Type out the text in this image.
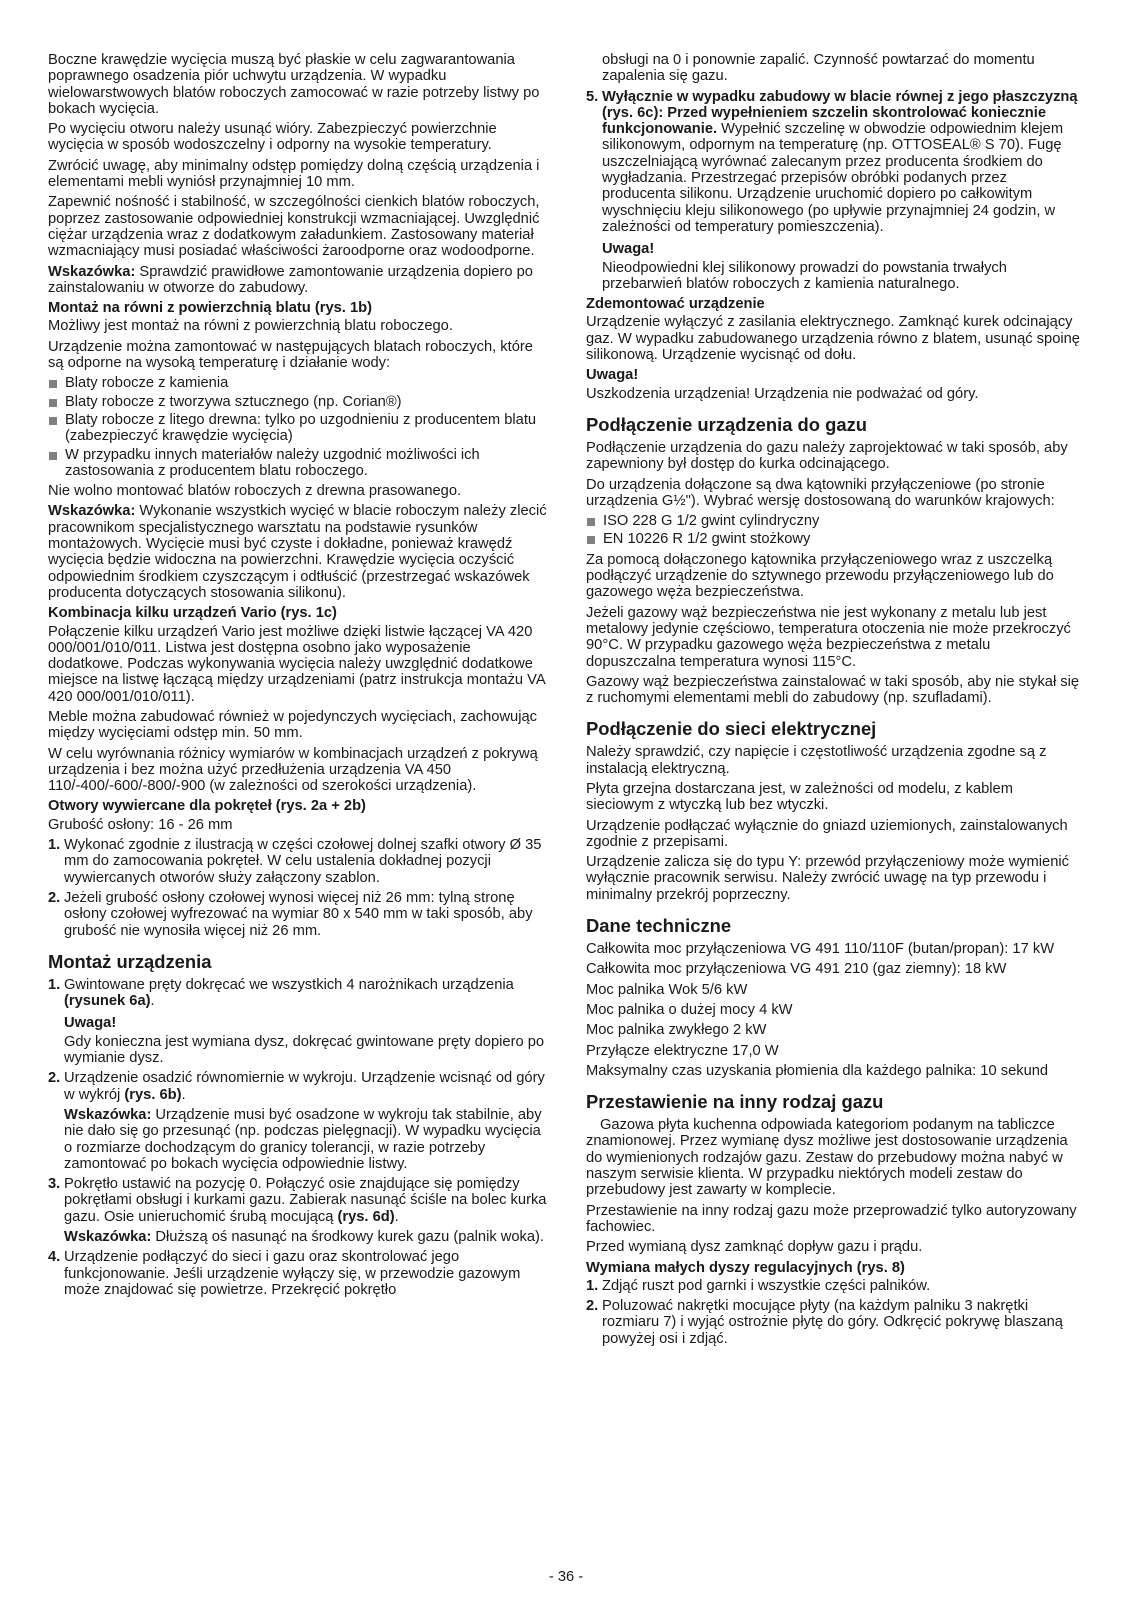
Boczne krawędzie wycięcia muszą być płaskie w celu zagwarantowania poprawnego osadzenia piór uchwytu urządzenia. W wypadku wielowarstwowych blatów roboczych zamocować w razie potrzeby listwy po bokach wycięcia.

Po wycięciu otworu należy usunąć wióry. Zabezpieczyć powierzchnie wycięcia w sposób wodoszczelny i odporny na wysokie temperatury.

Zwrócić uwagę, aby minimalny odstęp pomiędzy dolną częścią urządzenia i elementami mebli wyniósł przynajmniej 10 mm.

Zapewnić nośność i stabilność, w szczególności cienkich blatów roboczych, poprzez zastosowanie odpowiedniej konstrukcji wzmacniającej. Uwzględnić ciężar urządzenia wraz z dodatkowym załadunkiem. Zastosowany materiał wzmacniający musi posiadać właściwości żaroodporne oraz wodoodporne.

Wskazówka: Sprawdzić prawidłowe zamontowanie urządzenia dopiero po zainstalowaniu w otworze do zabudowy.

Montaż na równi z powierzchnią blatu (rys. 1b)

Możliwy jest montaż na równi z powierzchnią blatu roboczego.

Urządzenie można zamontować w następujących blatach roboczych, które są odporne na wysoką temperaturę i działanie wody:

Blaty robocze z kamienia
Blaty robocze z tworzywa sztucznego (np. Corian®)
Blaty robocze z litego drewna: tylko po uzgodnieniu z producentem blatu (zabezpieczyć krawędzie wycięcia)
W przypadku innych materiałów należy uzgodnić możliwości ich zastosowania z producentem blatu roboczego.

Nie wolno montować blatów roboczych z drewna prasowanego.

Wskazówka: Wykonanie wszystkich wycięć w blacie roboczym należy zlecić pracownikom specjalistycznego warsztatu na podstawie rysunków montażowych. Wycięcie musi być czyste i dokładne, ponieważ krawędź wycięcia będzie widoczna na powierzchni. Krawędzie wycięcia oczyścić odpowiednim środkiem czyszczącym i odtłuścić (przestrzegać wskazówek producenta dotyczących stosowania silikonu).

Kombinacja kilku urządzeń Vario (rys. 1c)

Połączenie kilku urządzeń Vario jest możliwe dzięki listwie łączącej VA 420 000/001/010/011. Listwa jest dostępna osobno jako wyposażenie dodatkowe. Podczas wykonywania wycięcia należy uwzględnić dodatkowe miejsce na listwę łączącą między urządzeniami (patrz instrukcja montażu VA 420 000/001/010/011).

Meble można zabudować również w pojedynczych wycięciach, zachowując między wycięciami odstęp min. 50 mm.

W celu wyrównania różnicy wymiarów w kombinacjach urządzeń z pokrywą urządzenia i bez można użyć przedłużenia urządzenia VA 450 110/-400/-600/-800/-900 (w zależności od szerokości urządzenia).

Otwory wywiercane dla pokręteł (rys. 2a + 2b)

Grubość osłony: 16 - 26 mm

1. Wykonać zgodnie z ilustracją w części czołowej dolnej szafki otwory Ø 35 mm do zamocowania pokręteł. W celu ustalenia dokładnej pozycji wywiercanych otworów służy załączony szablon.

2. Jeżeli grubość osłony czołowej wynosi więcej niż 26 mm: tylną stronę osłony czołowej wyfrezować na wymiar 80 x 540 mm w taki sposób, aby grubość nie wynosiła więcej niż 26 mm.

Montaż urządzenia
1. Gwintowane pręty dokręcać we wszystkich 4 narożnikach urządzenia (rysunek 6a).

Uwaga!

Gdy konieczna jest wymiana dysz, dokręcać gwintowane pręty dopiero po wymianie dysz.

2. Urządzenie osadzić równomiernie w wykroju. Urządzenie wcisnąć od góry w wykrój (rys. 6b).

Wskazówka: Urządzenie musi być osadzone w wykroju tak stabilnie, aby nie dało się go przesunąć (np. podczas pielęgnacji). W wypadku wycięcia o rozmiarze dochodzącym do granicy tolerancji, w razie potrzeby zamontować po bokach wycięcia odpowiednie listwy.

3. Pokrętło ustawić na pozycję 0. Połączyć osie znajdujące się pomiędzy pokrętłami obsługi i kurkami gazu. Zabierak nasunąć ściśle na bolec kurka gazu. Osie unieruchomić śrubą mocującą (rys. 6d).

Wskazówka: Dłuższą oś nasunąć na środkowy kurek gazu (palnik woka).

4. Urządzenie podłączyć do sieci i gazu oraz skontrolować jego funkcjonowanie. Jeśli urządzenie wyłączy się, w przewodzie gazowym może znajdować się powietrze. Przekręcić pokrętło

obsługi na 0 i ponownie zapalić. Czynność powtarzać do momentu zapalenia się gazu.

5. Wyłącznie w wypadku zabudowy w blacie równej z jego płaszczyzną (rys. 6c): Przed wypełnieniem szczelin skontrolować koniecznie funkcjonowanie. Wypełnić szczelinę w obwodzie odpowiednim klejem silikonowym, odpornym na temperaturę (np. OTTOSEAL® S 70). Fugę uszczelniającą wyrównać zalecanym przez producenta środkiem do wygładzania. Przestrzegać przepisów obróbki podanych przez producenta silikonu. Urządzenie uruchomić dopiero po całkowitym wyschnięciu kleju silikonowego (po upływie przynajmniej 24 godzin, w zależności od temperatury pomieszczenia).

Uwaga!

Nieodpowiedni klej silikonowy prowadzi do powstania trwałych przebarwień blatów roboczych z kamienia naturalnego.

Zdemontować urządzenie

Urządzenie wyłączyć z zasilania elektrycznego. Zamknąć kurek odcinający gaz. W wypadku zabudowanego urządzenia równo z blatem, usunąć spoinę silikonową. Urządzenie wycisnąć od dołu.

Uwaga!

Uszkodzenia urządzenia! Urządzenia nie podważać od góry.

Podłączenie urządzenia do gazu

Podłączenie urządzenia do gazu należy zaprojektować w taki sposób, aby zapewniony był dostęp do kurka odcinającego.

Do urządzenia dołączone są dwa kątowniki przyłączeniowe (po stronie urządzenia G½"). Wybrać wersję dostosowaną do warunków krajowych:

ISO 228 G 1/2 gwint cylindryczny
EN 10226 R 1/2 gwint stożkowy

Za pomocą dołączonego kątownika przyłączeniowego wraz z uszczelką podłączyć urządzenie do sztywnego przewodu przyłączeniowego lub do gazowego węża bezpieczeństwa.

Jeżeli gazowy wąż bezpieczeństwa nie jest wykonany z metalu lub jest metalowy jedynie częściowo, temperatura otoczenia nie może przekroczyć 90°C. W przypadku gazowego węża bezpieczeństwa z metalu dopuszczalna temperatura wynosi 115°C.

Gazowy wąż bezpieczeństwa zainstalować w taki sposób, aby nie stykał się z ruchomymi elementami mebli do zabudowy (np. szufladami).

Podłączenie do sieci elektrycznej

Należy sprawdzić, czy napięcie i częstotliwość urządzenia zgodne są z instalacją elektryczną.

Płyta grzejna dostarczana jest, w zależności od modelu, z kablem sieciowym z wtyczką lub bez wtyczki.

Urządzenie podłączać wyłącznie do gniazd uziemionych, zainstalowanych zgodnie z przepisami.

Urządzenie zalicza się do typu Y: przewód przyłączeniowy może wymienić wyłącznie pracownik serwisu. Należy zwrócić uwagę na typ przewodu i minimalny przekrój poprzeczny.

Dane techniczne

Całkowita moc przyłączeniowa VG 491 110/110F (butan/propan): 17 kW

Całkowita moc przyłączeniowa VG 491 210 (gaz ziemny): 18 kW

Moc palnika Wok 5/6 kW

Moc palnika o dużej mocy 4 kW

Moc palnika zwykłego 2 kW

Przyłącze elektryczne 17,0 W

Maksymalny czas uzyskania płomienia dla każdego palnika: 10 sekund

Przestawienie na inny rodzaj gazu

Gazowa płyta kuchenna odpowiada kategoriom podanym na tabliczce znamionowej. Przez wymianę dysz możliwe jest dostosowanie urządzenia do wymienionych rodzajów gazu. Zestaw do przebudowy można nabyć w naszym serwisie klienta. W przypadku niektórych modeli zestaw do przebudowy jest zawarty w komplecie.

Przestawienie na inny rodzaj gazu może przeprowadzić tylko autoryzowany fachowiec.

Przed wymianą dysz zamknąć dopływ gazu i prądu.

Wymiana małych dyszy regulacyjnych (rys. 8)

1. Zdjąć ruszt pod garnki i wszystkie części palników.

2. Poluzować nakrętki mocujące płyty (na każdym palniku 3 nakrętki rozmiaru 7) i wyjąć ostrożnie płytę do góry. Odkręcić pokrywę blaszaną powyżej osi i zdjąć.

- 36 -
